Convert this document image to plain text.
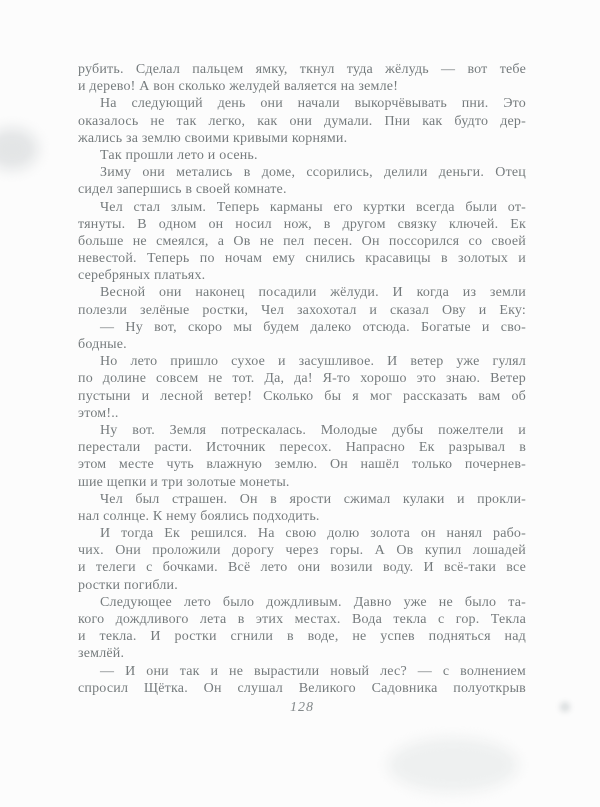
рубить. Сделал пальцем ямку, ткнул туда жёлудь — вот тебе
и дерево! А вон сколько желудей валяется на земле!
На следующий день они начали выкорчёвывать пни. Это
оказалось не так легко, как они думали. Пни как будто дер-
жались за землю своими кривыми корнями.
Так прошли лето и осень.
Зиму они метались в доме, ссорились, делили деньги. Отец
сидел запершись в своей комнате.
Чел стал злым. Теперь карманы его куртки всегда были от-
тянуты. В одном он носил нож, в другом связку ключей. Ек
больше не смеялся, а Ов не пел песен. Он поссорился со своей
невестой. Теперь по ночам ему снились красавицы в золотых и
серебряных платьях.
Весной они наконец посадили жёлуди. И когда из земли
полезли зелёные ростки, Чел захохотал и сказал Ову и Еку:
— Ну вот, скоро мы будем далеко отсюда. Богатые и сво-
бодные.
Но лето пришло сухое и засушливое. И ветер уже гулял
по долине совсем не тот. Да, да! Я-то хорошо это знаю. Ветер
пустыни и лесной ветер! Сколько бы я мог рассказать вам об
этом!..
Ну вот. Земля потрескалась. Молодые дубы пожелтели и
перестали расти. Источник пересох. Напрасно Ек разрывал в
этом месте чуть влажную землю. Он нашёл только почернев-
шие щепки и три золотые монеты.
Чел был страшен. Он в ярости сжимал кулаки и прокли-
нал солнце. К нему боялись подходить.
И тогда Ек решился. На свою долю золота он нанял рабо-
чих. Они проложили дорогу через горы. А Ов купил лошадей
и телеги с бочками. Всё лето они возили воду. И всё-таки все
ростки погибли.
Следующее лето было дождливым. Давно уже не было та-
кого дождливого лета в этих местах. Вода текла с гор. Текла
и текла. И ростки сгнили в воде, не успев подняться над
землёй.
— И они так и не вырастили новый лес? — с волнением
спросил Щётка. Он слушал Великого Садовника полуоткрыв
128
